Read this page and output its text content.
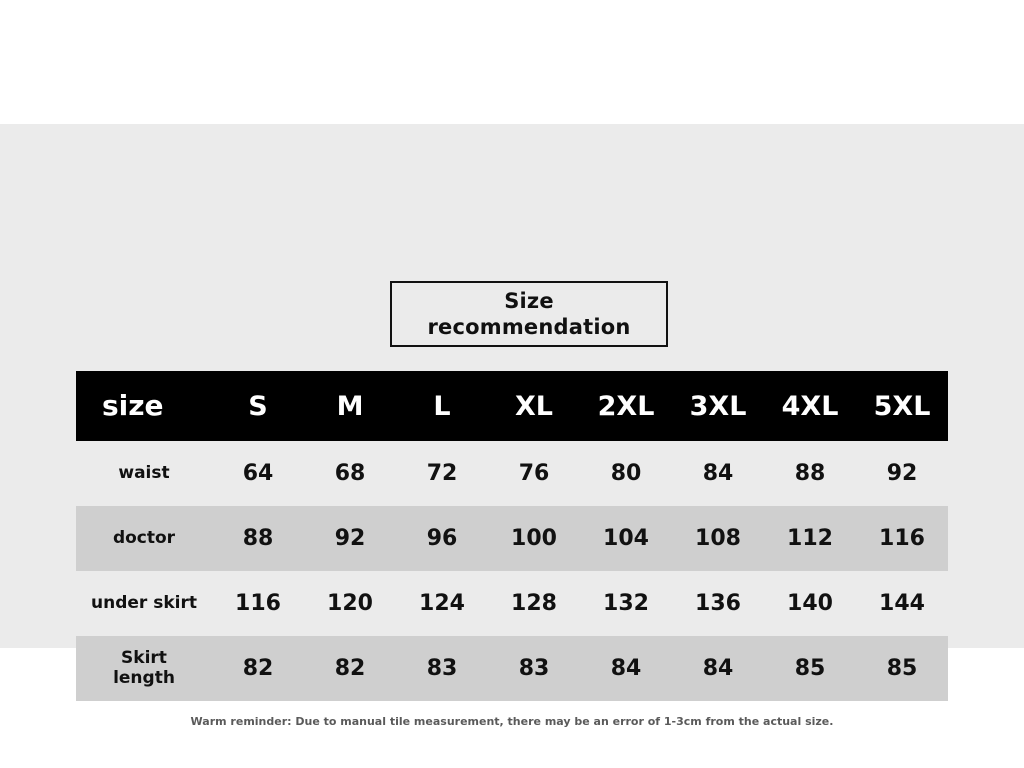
Size
recommendation
size	S	M	L	XL	2XL	3XL	4XL	5XL
waist	64	68	72	76	80	84	88	92
doctor	88	92	96	100	104	108	112	116
under skirt	116	120	124	128	132	136	140	144
Skirt
length	82	82	83	83	84	84	85	85
Warm reminder: Due to manual tile measurement, there may be an error of 1-3cm from the actual size.
